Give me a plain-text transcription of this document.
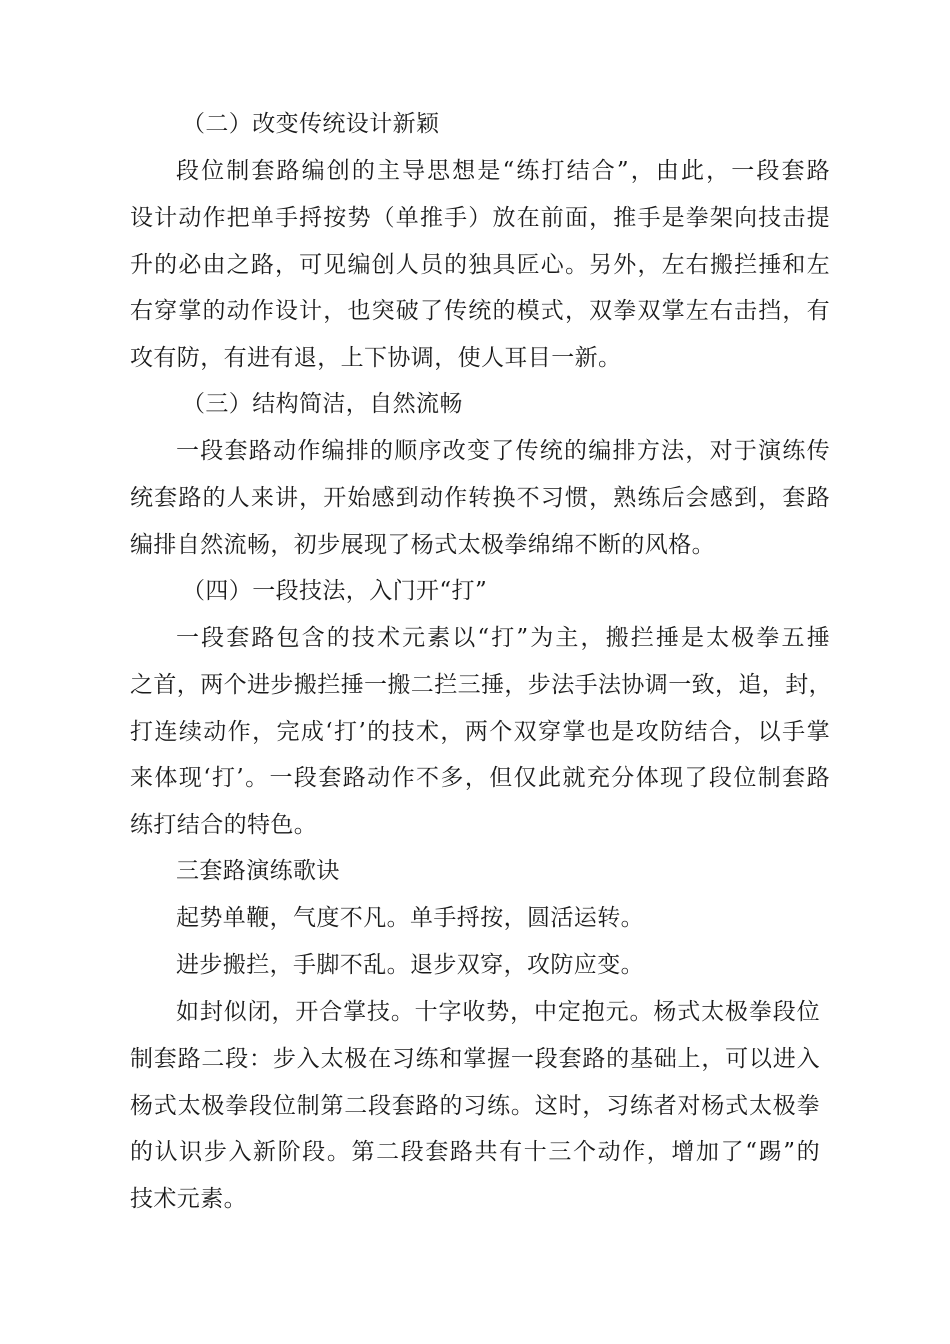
（二）改变传统设计新颖
段位制套路编创的主导思想是“练打结合”，由此，一段套路
设计动作把单手捋按势（单推手）放在前面，推手是拳架向技击提
升的必由之路，可见编创人员的独具匠心。另外，左右搬拦捶和左
右穿掌的动作设计，也突破了传统的模式，双拳双掌左右击挡，有
攻有防，有进有退，上下协调，使人耳目一新。
（三）结构简洁，自然流畅
一段套路动作编排的顺序改变了传统的编排方法，对于演练传
统套路的人来讲，开始感到动作转换不习惯，熟练后会感到，套路
编排自然流畅，初步展现了杨式太极拳绵绵不断的风格。
（四）一段技法，入门开“打”
一段套路包含的技术元素以“打”为主，搬拦捶是太极拳五捶
之首，两个进步搬拦捶一搬二拦三捶，步法手法协调一致，追，封，
打连续动作，完成‘打’的技术，两个双穿掌也是攻防结合，以手掌
来体现‘打’。一段套路动作不多，但仅此就充分体现了段位制套路
练打结合的特色。
三套路演练歌诀
起势单鞭，气度不凡。单手捋按，圆活运转。
进步搬拦，手脚不乱。退步双穿，攻防应变。
如封似闭，开合掌技。十字收势，中定抱元。杨式太极拳段位
制套路二段：步入太极在习练和掌握一段套路的基础上，可以进入
杨式太极拳段位制第二段套路的习练。这时，习练者对杨式太极拳
的认识步入新阶段。第二段套路共有十三个动作，增加了“踢”的
技术元素。
